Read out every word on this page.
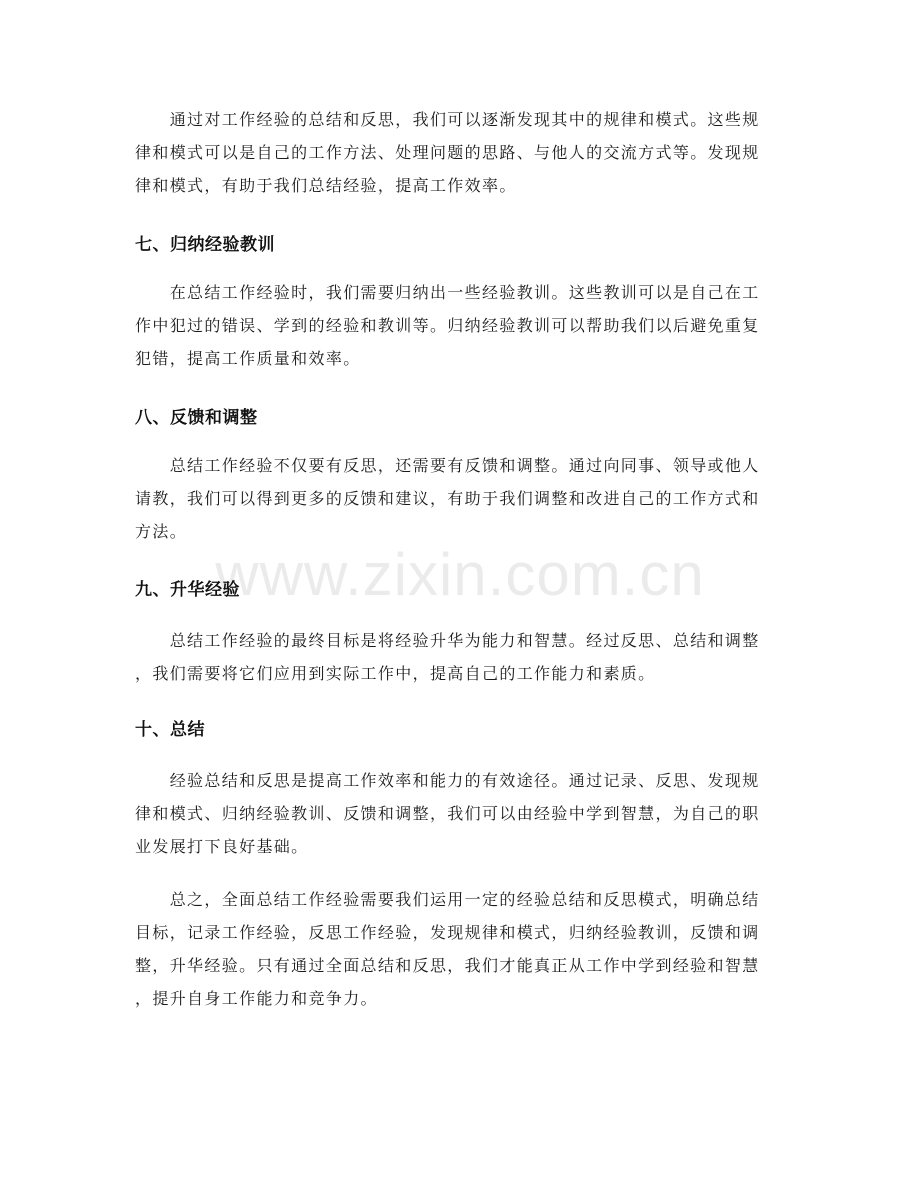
　　通过对工作经验的总结和反思，我们可以逐渐发现其中的规律和模式。这些规
律和模式可以是自己的工作方法、处理问题的思路、与他人的交流方式等。发现规
律和模式，有助于我们总结经验，提高工作效率。
七、归纳经验教训
　　在总结工作经验时，我们需要归纳出一些经验教训。这些教训可以是自己在工
作中犯过的错误、学到的经验和教训等。归纳经验教训可以帮助我们以后避免重复
犯错，提高工作质量和效率。
八、反馈和调整
　　总结工作经验不仅要有反思，还需要有反馈和调整。通过向同事、领导或他人
请教，我们可以得到更多的反馈和建议，有助于我们调整和改进自己的工作方式和
方法。
九、升华经验
　　总结工作经验的最终目标是将经验升华为能力和智慧。经过反思、总结和调整
，我们需要将它们应用到实际工作中，提高自己的工作能力和素质。
十、总结
　　经验总结和反思是提高工作效率和能力的有效途径。通过记录、反思、发现规
律和模式、归纳经验教训、反馈和调整，我们可以由经验中学到智慧，为自己的职
业发展打下良好基础。
　　总之，全面总结工作经验需要我们运用一定的经验总结和反思模式，明确总结
目标，记录工作经验，反思工作经验，发现规律和模式，归纳经验教训，反馈和调
整，升华经验。只有通过全面总结和反思，我们才能真正从工作中学到经验和智慧
，提升自身工作能力和竞争力。
www.zixin.com.cn
